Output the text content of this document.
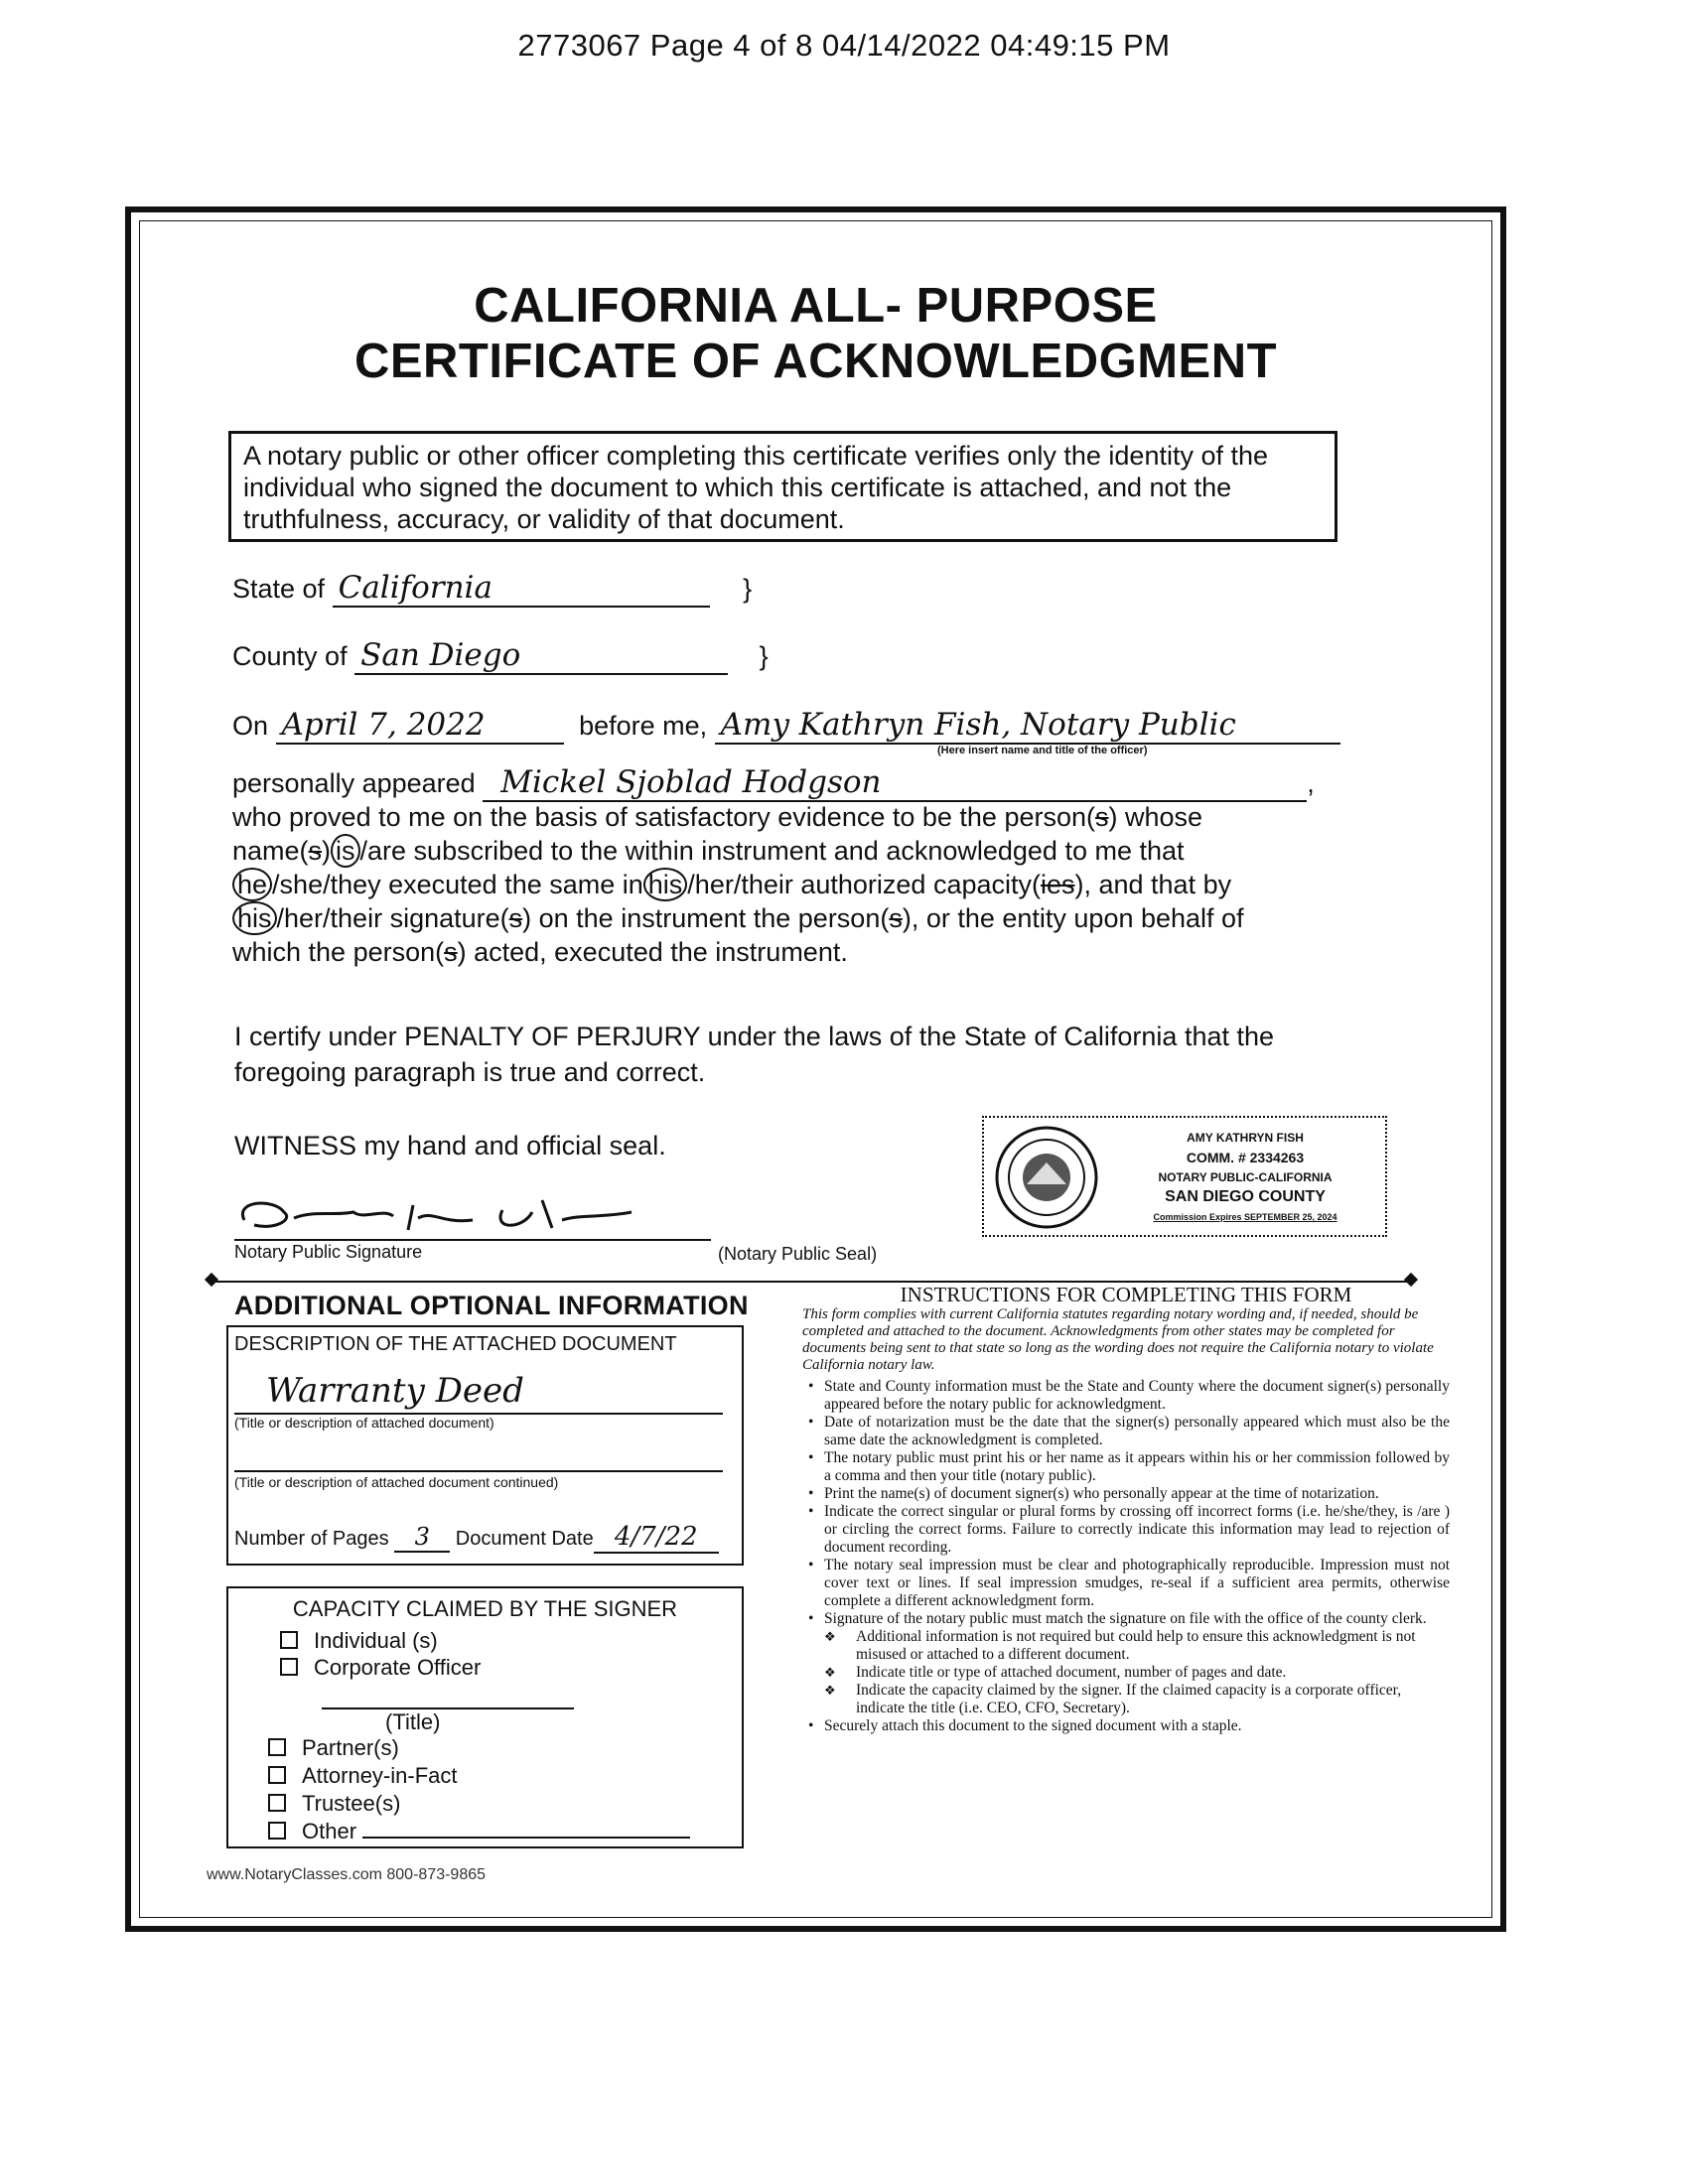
2773067 Page 4 of 8 04/14/2022 04:49:15 PM
CALIFORNIA ALL- PURPOSE
CERTIFICATE OF ACKNOWLEDGMENT
A notary public or other officer completing this certificate verifies only the identity of the individual who signed the document to which this certificate is attached, and not the truthfulness, accuracy, or validity of that document.
State of California	}
County of San Diego	}
On April 7, 2022	before me, Amy Kathryn Fish, Notary Public
(Here insert name and title of the officer)
personally appeared Mickel Sjoblad Hodgson	,
who proved to me on the basis of satisfactory evidence to be the person(s) whose
name(s) is /are subscribed to the within instrument and acknowledged to me that
he /she/they executed the same in his /her/their authorized capacity(ies), and that by
his /her/their signature(s) on the instrument the person(s), or the entity upon behalf of
which the person(s) acted, executed the instrument.
I certify under PENALTY OF PERJURY under the laws of the State of California that the foregoing paragraph is true and correct.
WITNESS my hand and official seal.
Notary Public Signature	(Notary Public Seal)
AMY KATHRYN FISH
COMM. # 2334263
NOTARY PUBLIC-CALIFORNIA
SAN DIEGO COUNTY
Commission Expires SEPTEMBER 25, 2024
ADDITIONAL OPTIONAL INFORMATION
DESCRIPTION OF THE ATTACHED DOCUMENT
Warranty Deed
(Title or description of attached document)
(Title or description of attached document continued)
Number of Pages 3 Document Date 4/7/22
CAPACITY CLAIMED BY THE SIGNER
Individual (s)
Corporate Officer
(Title)
Partner(s)
Attorney-in-Fact
Trustee(s)
Other
INSTRUCTIONS FOR COMPLETING THIS FORM
This form complies with current California statutes regarding notary wording and, if needed, should be completed and attached to the document. Acknowledgments from other states may be completed for documents being sent to that state so long as the wording does not require the California notary to violate California notary law.
• State and County information must be the State and County where the document signer(s) personally appeared before the notary public for acknowledgment.
• Date of notarization must be the date that the signer(s) personally appeared which must also be the same date the acknowledgment is completed.
• The notary public must print his or her name as it appears within his or her commission followed by a comma and then your title (notary public).
• Print the name(s) of document signer(s) who personally appear at the time of notarization.
• Indicate the correct singular or plural forms by crossing off incorrect forms (i.e. he/she/they, is /are ) or circling the correct forms. Failure to correctly indicate this information may lead to rejection of document recording.
• The notary seal impression must be clear and photographically reproducible. Impression must not cover text or lines. If seal impression smudges, re-seal if a sufficient area permits, otherwise complete a different acknowledgment form.
• Signature of the notary public must match the signature on file with the office of the county clerk.
❖ Additional information is not required but could help to ensure this acknowledgment is not misused or attached to a different document.
❖ Indicate title or type of attached document, number of pages and date.
❖ Indicate the capacity claimed by the signer. If the claimed capacity is a corporate officer, indicate the title (i.e. CEO, CFO, Secretary).
• Securely attach this document to the signed document with a staple.
www.NotaryClasses.com 800-873-9865
